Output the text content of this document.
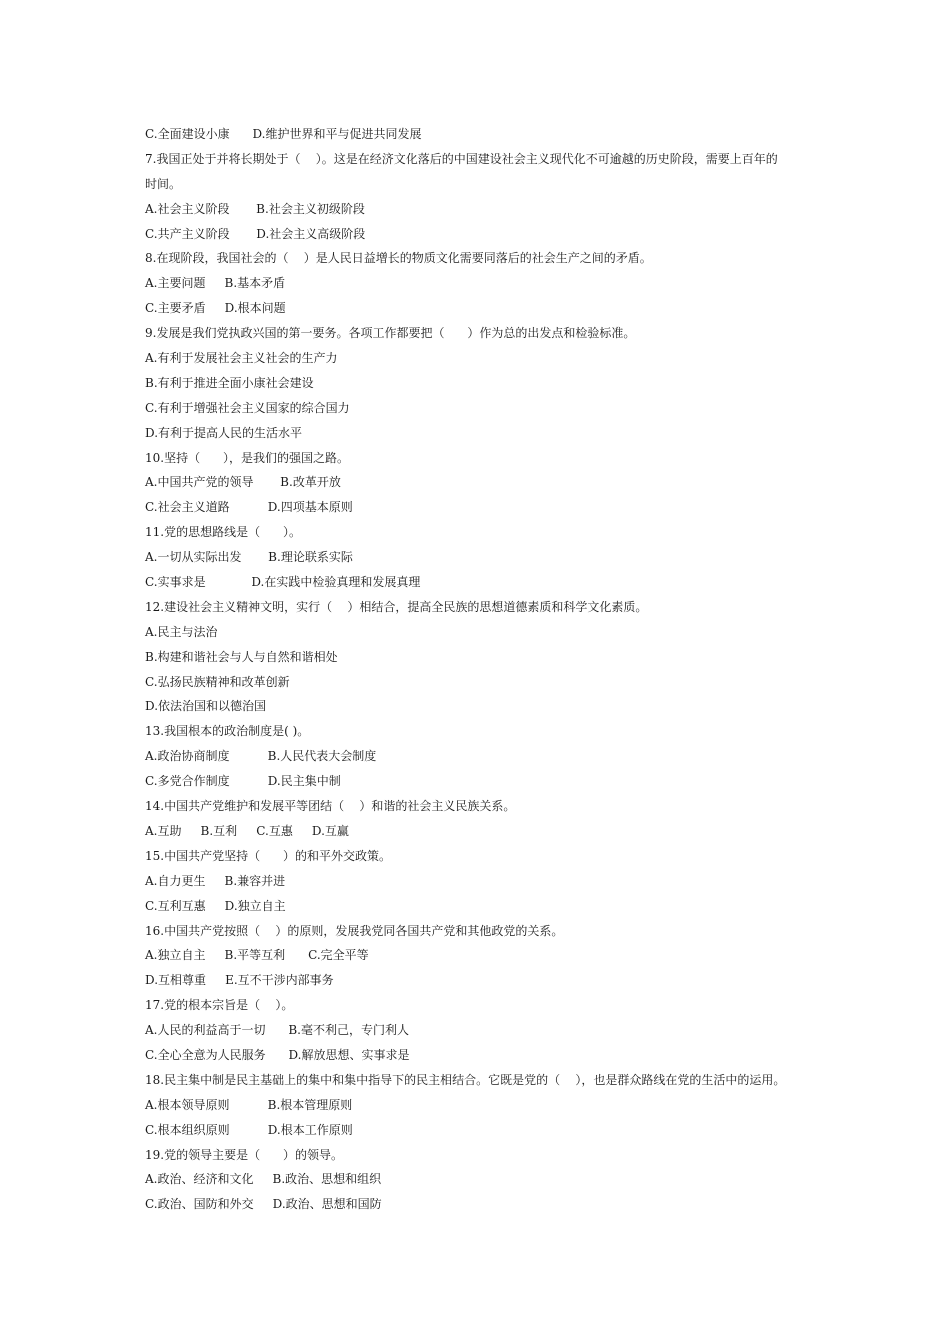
C.全面建设小康      D.维护世界和平与促进共同发展
7.我国正处于并将长期处于（    ）。这是在经济文化落后的中国建设社会主义现代化不可逾越的历史阶段，需要上百年的
时间。
A.社会主义阶段       B.社会主义初级阶段
C.共产主义阶段       D.社会主义高级阶段
8.在现阶段，我国社会的（    ）是人民日益增长的物质文化需要同落后的社会生产之间的矛盾。
A.主要问题     B.基本矛盾
C.主要矛盾     D.根本问题
9.发展是我们党执政兴国的第一要务。各项工作都要把（      ）作为总的出发点和检验标准。
A.有利于发展社会主义社会的生产力
B.有利于推进全面小康社会建设
C.有利于增强社会主义国家的综合国力
D.有利于提高人民的生活水平
10.坚持（      ），是我们的强国之路。
A.中国共产党的领导       B.改革开放
C.社会主义道路          D.四项基本原则
11.党的思想路线是（      ）。
A.一切从实际出发       B.理论联系实际
C.实事求是            D.在实践中检验真理和发展真理
12.建设社会主义精神文明，实行（    ）相结合，提高全民族的思想道德素质和科学文化素质。
A.民主与法治
B.构建和谐社会与人与自然和谐相处
C.弘扬民族精神和改革创新
D.依法治国和以德治国
13.我国根本的政治制度是( )。
A.政治协商制度          B.人民代表大会制度
C.多党合作制度          D.民主集中制
14.中国共产党维护和发展平等团结（    ）和谐的社会主义民族关系。
A.互助     B.互利     C.互惠     D.互赢
15.中国共产党坚持（      ）的和平外交政策。
A.自力更生     B.兼容并进
C.互利互惠     D.独立自主
16.中国共产党按照（    ）的原则，发展我党同各国共产党和其他政党的关系。
A.独立自主     B.平等互利      C.完全平等
D.互相尊重     E.互不干涉内部事务
17.党的根本宗旨是（    ）。
A.人民的利益高于一切      B.毫不利己，专门利人
C.全心全意为人民服务      D.解放思想、实事求是
18.民主集中制是民主基础上的集中和集中指导下的民主相结合。它既是党的（    ），也是群众路线在党的生活中的运用。
A.根本领导原则          B.根本管理原则
C.根本组织原则          D.根本工作原则
19.党的领导主要是（      ）的领导。
A.政治、经济和文化     B.政治、思想和组织
C.政治、国防和外交     D.政治、思想和国防
